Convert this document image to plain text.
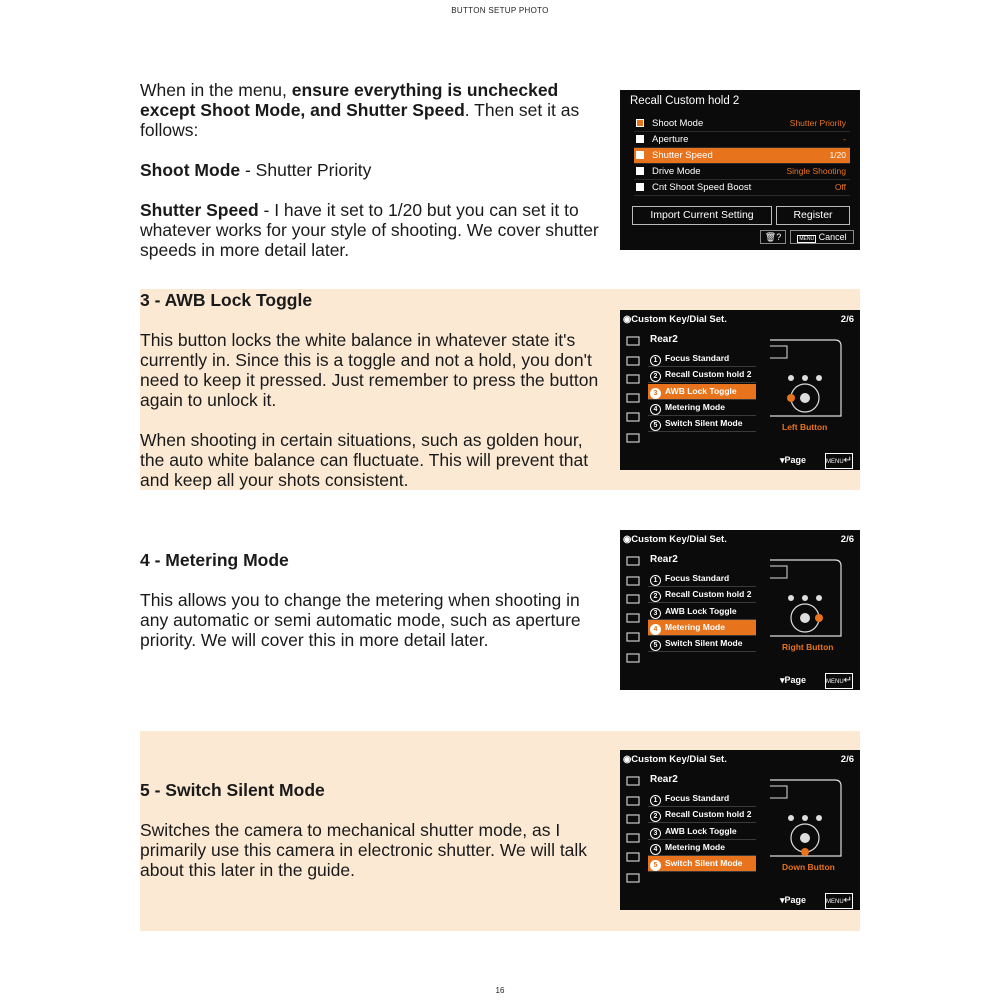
BUTTON SETUP PHOTO

When in the menu, ensure everything is unchecked except Shoot Mode, and Shutter Speed. Then set it as follows:

Shoot Mode - Shutter Priority

Shutter Speed - I have it set to 1/20 but you can set it to whatever works for your style of shooting. We cover shutter speeds in more detail later.

3 - AWB Lock Toggle

This button locks the white balance in whatever state it's currently in. Since this is a toggle and not a hold, you don't need to keep it pressed. Just remember to press the button again to unlock it.

When shooting in certain situations, such as golden hour, the auto white balance can fluctuate. This will prevent that and keep all your shots consistent.

4 - Metering Mode

This allows you to change the metering when shooting in any automatic or semi automatic mode, such as aperture priority. We will cover this in more detail later.

5 - Switch Silent Mode

Switches the camera to mechanical shutter mode, as I primarily use this camera in electronic shutter. We will talk about this later in the guide.

Recall Custom hold 2
Shoot Mode	Shutter Priority
Aperture	-
Shutter Speed	1/20
Drive Mode	Single Shooting
Cnt Shoot Speed Boost	Off
Import Current Setting	Register
🗑?	MENU Cancel
◉Custom Key/Dial Set.	2/6
Rear2
1 Focus Standard
2 Recall Custom hold 2
3 AWB Lock Toggle
4 Metering Mode
5 Switch Silent Mode	Left Button
▾Page	MENU↵
◉Custom Key/Dial Set.	2/6
Rear2
1 Focus Standard
2 Recall Custom hold 2
3 AWB Lock Toggle
4 Metering Mode
5 Switch Silent Mode	Right Button
▾Page	MENU↵
◉Custom Key/Dial Set.	2/6
Rear2
1 Focus Standard
2 Recall Custom hold 2
3 AWB Lock Toggle
4 Metering Mode
5 Switch Silent Mode	Down Button
▾Page	MENU↵
16
